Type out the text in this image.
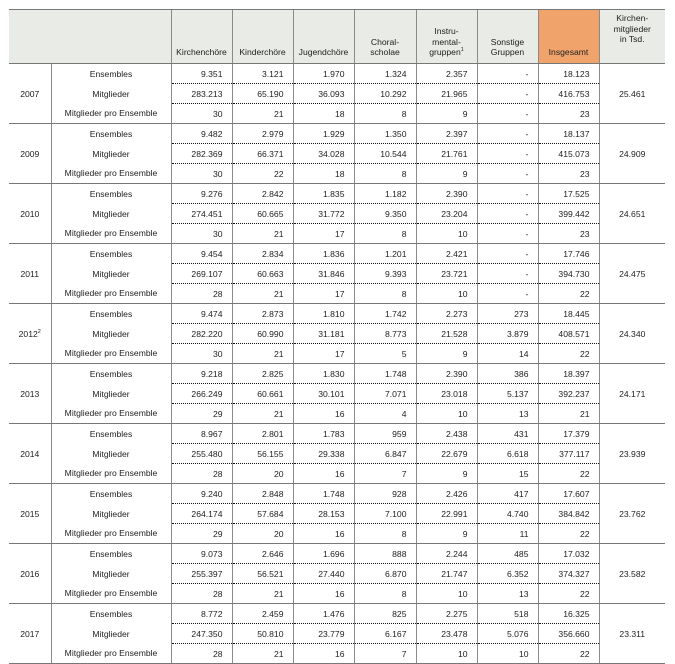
		Kirchenchöre	Kinderchöre	Jugendchöre	Choral-
scholae	Instru-
mental-
gruppen$^1$	Sonstige
Gruppen	Insgesamt	Kirchen-
mitglieder
in Tsd.
2007	Ensembles	9.351	3.121	1.970	1.324	2.357	-	18.123	25.461
	Mitglieder	283.213	65.190	36.093	10.292	21.965	-	416.753	
	Mitglieder pro Ensemble	30	21	18	8	9	-	23	
2009	Ensembles	9.482	2.979	1.929	1.350	2.397	-	18.137	24.909
	Mitglieder	282.369	66.371	34.028	10.544	21.761	-	415.073	
	Mitglieder pro Ensemble	30	22	18	8	9	-	23	
2010	Ensembles	9.276	2.842	1.835	1.182	2.390	-	17.525	24.651
	Mitglieder	274.451	60.665	31.772	9.350	23.204	-	399.442	
	Mitglieder pro Ensemble	30	21	17	8	10	-	23	
2011	Ensembles	9.454	2.834	1.836	1.201	2.421	-	17.746	24.475
	Mitglieder	269.107	60.663	31.846	9.393	23.721	-	394.730	
	Mitglieder pro Ensemble	28	21	17	8	10	-	22	
2012$^2$	Ensembles	9.474	2.873	1.810	1.742	2.273	273	18.445	24.340
	Mitglieder	282.220	60.990	31.181	8.773	21.528	3.879	408.571	
	Mitglieder pro Ensemble	30	21	17	5	9	14	22	
2013	Ensembles	9.218	2.825	1.830	1.748	2.390	386	18.397	24.171
	Mitglieder	266.249	60.661	30.101	7.071	23.018	5.137	392.237	
	Mitglieder pro Ensemble	29	21	16	4	10	13	21	
2014	Ensembles	8.967	2.801	1.783	959	2.438	431	17.379	23.939
	Mitglieder	255.480	56.155	29.338	6.847	22.679	6.618	377.117	
	Mitglieder pro Ensemble	28	20	16	7	9	15	22	
2015	Ensembles	9.240	2.848	1.748	928	2.426	417	17.607	23.762
	Mitglieder	264.174	57.684	28.153	7.100	22.991	4.740	384.842	
	Mitglieder pro Ensemble	29	20	16	8	9	11	22	
2016	Ensembles	9.073	2.646	1.696	888	2.244	485	17.032	23.582
	Mitglieder	255.397	56.521	27.440	6.870	21.747	6.352	374.327	
	Mitglieder pro Ensemble	28	21	16	8	10	13	22	
2017	Ensembles	8.772	2.459	1.476	825	2.275	518	16.325	23.311
	Mitglieder	247.350	50.810	23.779	6.167	23.478	5.076	356.660	
	Mitglieder pro Ensemble	28	21	16	7	10	10	22	
